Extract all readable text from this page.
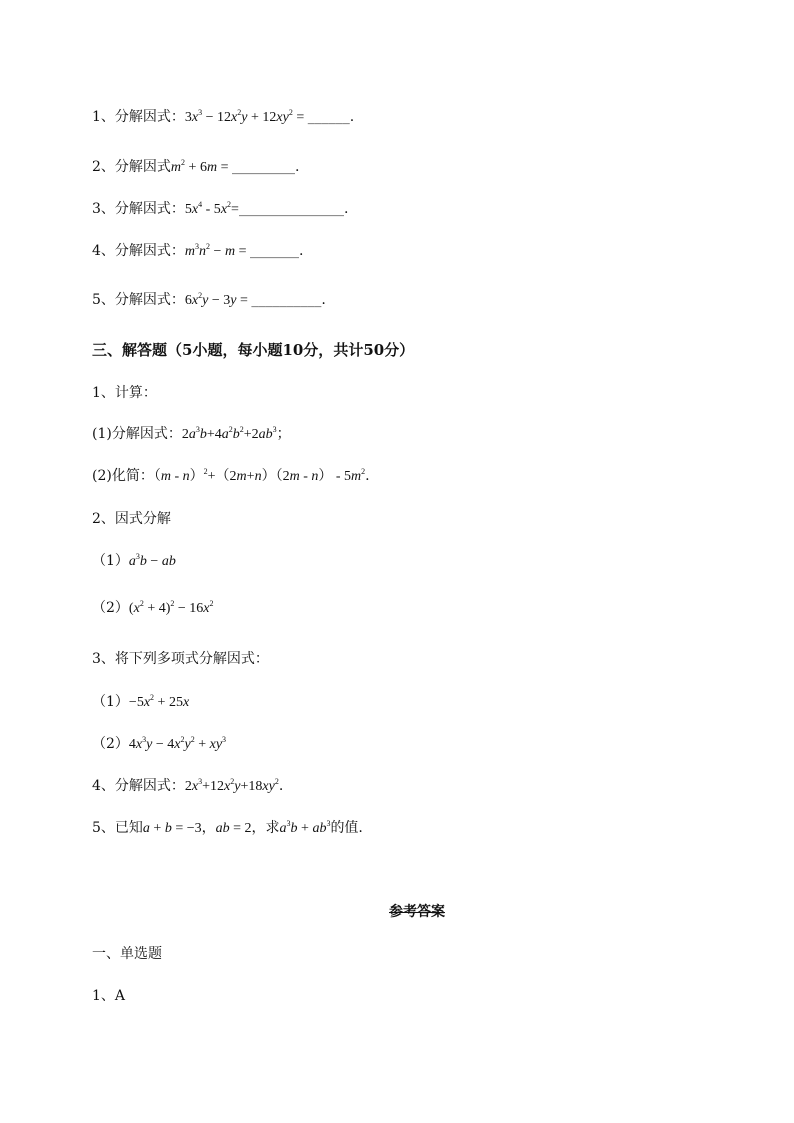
1、分解因式：$3x^3 - 12x^2y + 12xy^2$ = ______.
2、分解因式$m^2 + 6m$ = _________.
3、分解因式：$5x^4$ - $5x^2=\_\_\_\_\_\_\_\_\_\_\_\_\_\_\_$.
4、分解因式：$m^3n^2 - m$ = _______.
5、分解因式：$6x^2y - 3y$ = __________.
三、解答题（5小题，每小题10分，共计50分）
1、计算：
(1)分解因式：$2a^3b+4a^2b^2+2ab^3$；
(2)化简：$(m - n)^2+(2m+n)(2m - n) - 5m^2$.
2、因式分解
$(1)a^3b$ − ab
$(2)(x^2 + 4)^2 - 16x^2$
3、将下列多项式分解因式：
$(1)-5x^2 + 25x$
$(2)4x^3y - 4x^2y^2 + xy^3$
4、分解因式：$2x^3+12x^2y+18xy^2$.
5、已知a + b = −3，ab = 2，求$a^3b + ab^3$的值.
参考答案
一、单选题
1、A
